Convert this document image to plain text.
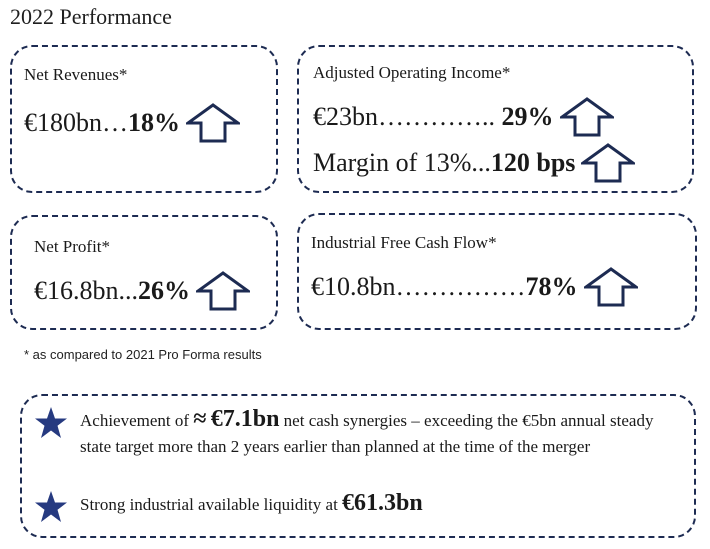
2022 Performance
Net Revenues*
€180bn… 18%
Adjusted Operating Income*
€23bn………….. 29%
Margin of 13%... 120 bps
Net Profit*
€16.8bn... 26%
Industrial Free Cash Flow*
€10.8bn…………… 78%
* as compared to 2021 Pro Forma results
Achievement of ≈ €7.1bn net cash synergies – exceeding the €5bn annual steady state target more than 2 years earlier than planned at the time of the merger
Strong industrial available liquidity at €61.3bn
